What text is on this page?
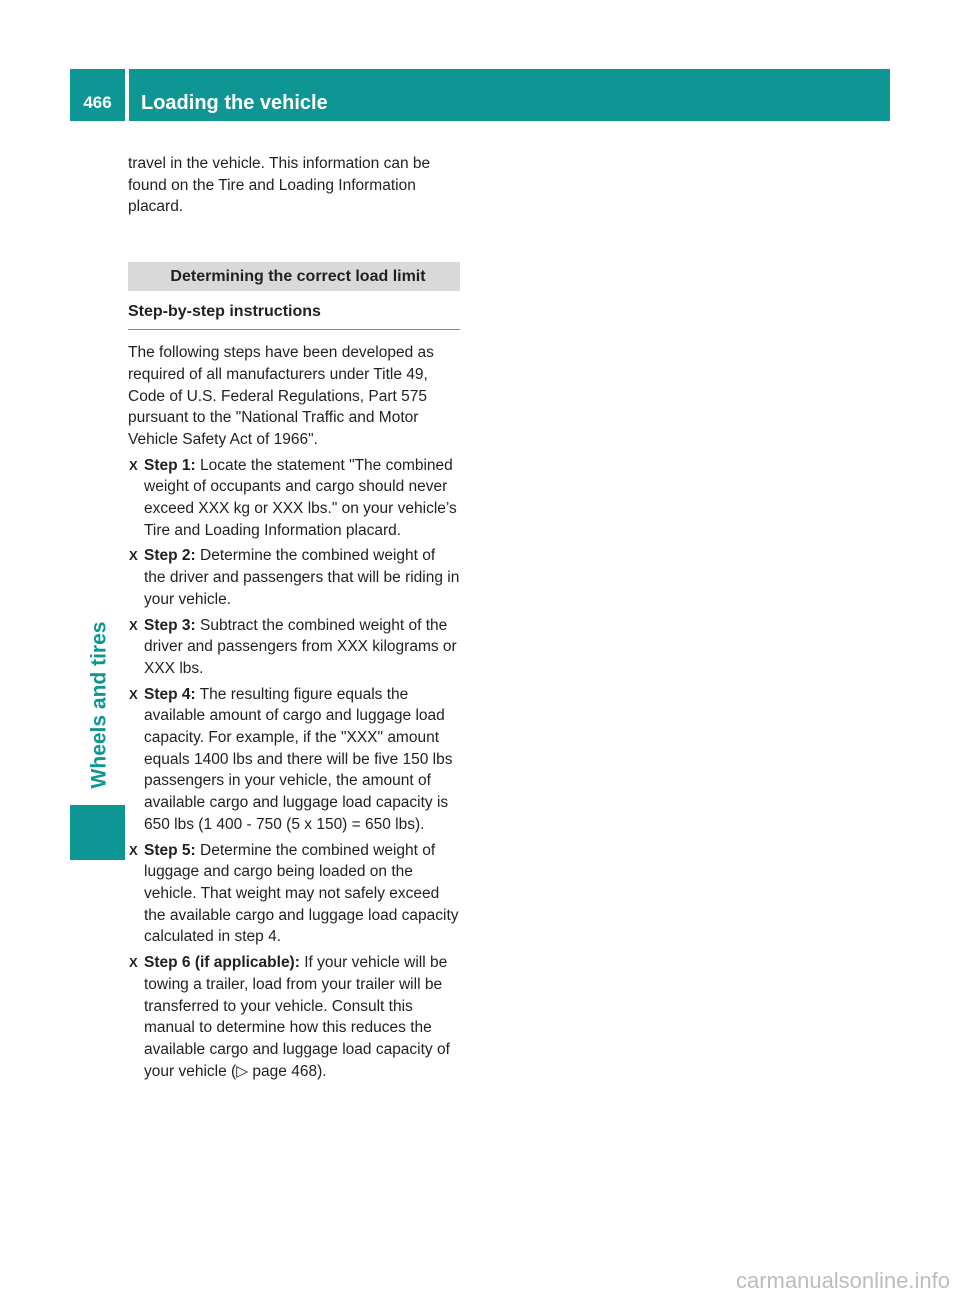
466	Loading the vehicle
Wheels and tires

travel in the vehicle. This information can be found on the Tire and Loading Information placard.

Determining the correct load limit
Step-by-step instructions

The following steps have been developed as required of all manufacturers under Title 49, Code of U.S. Federal Regulations, Part 575 pursuant to the "National Traffic and Motor Vehicle Safety Act of 1966".

X Step 1: Locate the statement "The combined weight of occupants and cargo should never exceed XXX kg or XXX lbs." on your vehicle’s Tire and Loading Information placard.
X Step 2: Determine the combined weight of the driver and passengers that will be riding in your vehicle.
X Step 3: Subtract the combined weight of the driver and passengers from XXX kilograms or XXX lbs.
X Step 4: The resulting figure equals the available amount of cargo and luggage load capacity. For example, if the "XXX" amount equals 1400 lbs and there will be five 150 lbs passengers in your vehicle, the amount of available cargo and luggage load capacity is 650 lbs (1 400 - 750 (5 x 150) = 650 lbs).
X Step 5: Determine the combined weight of luggage and cargo being loaded on the vehicle. That weight may not safely exceed the available cargo and luggage load capacity calculated in step 4.
X Step 6 (if applicable): If your vehicle will be towing a trailer, load from your trailer will be transferred to your vehicle. Consult this manual to determine how this reduces the available cargo and luggage load capacity of your vehicle (▷ page 468).
carmanualsonline.info
